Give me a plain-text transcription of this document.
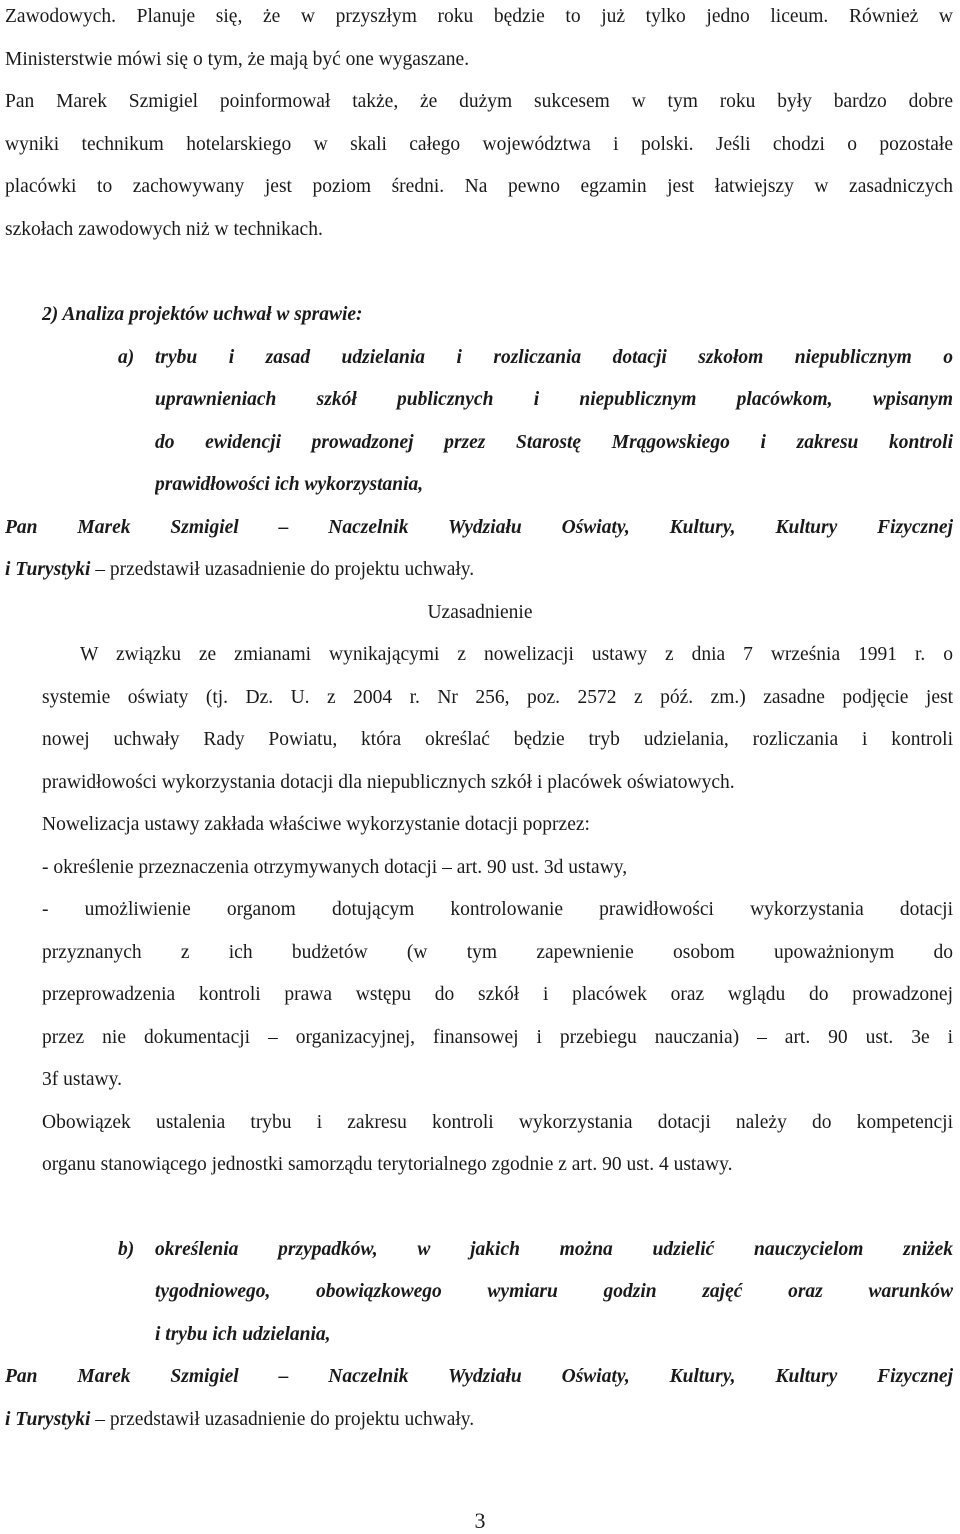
Zawodowych. Planuje się, że w przyszłym roku będzie to już tylko jedno liceum. Również w
Ministerstwie mówi się o tym, że mają być one wygaszane.
Pan Marek Szmigiel poinformował także, że dużym sukcesem w tym roku były bardzo dobre
wyniki technikum hotelarskiego w skali całego województwa i polski. Jeśli chodzi o pozostałe
placówki to zachowywany jest poziom średni. Na pewno egzamin jest łatwiejszy w zasadniczych
szkołach zawodowych niż w technikach.
2) Analiza projektów uchwał w sprawie:
a)	trybu i zasad udzielania i rozliczania dotacji szkołom niepublicznym o
uprawnieniach szkół publicznych i niepublicznym placówkom, wpisanym
do ewidencji prowadzonej przez Starostę Mrągowskiego i zakresu kontroli
prawidłowości ich wykorzystania,
Pan Marek Szmigiel – Naczelnik Wydziału Oświaty, Kultury, Kultury Fizycznej
i Turystyki – przedstawił uzasadnienie do projektu uchwały.
Uzasadnienie
W związku ze zmianami wynikającymi z nowelizacji ustawy z dnia 7 września 1991 r. o
systemie oświaty (tj. Dz. U. z 2004 r. Nr 256, poz. 2572 z póź. zm.) zasadne podjęcie jest
nowej uchwały Rady Powiatu, która określać będzie tryb udzielania, rozliczania i kontroli
prawidłowości wykorzystania dotacji dla niepublicznych szkół i placówek oświatowych.
Nowelizacja ustawy zakłada właściwe wykorzystanie dotacji poprzez:
- określenie przeznaczenia otrzymywanych dotacji – art. 90 ust. 3d ustawy,
- umożliwienie organom dotującym kontrolowanie prawidłowości wykorzystania dotacji
przyznanych z ich budżetów (w tym zapewnienie osobom upoważnionym do
przeprowadzenia kontroli prawa wstępu do szkół i placówek oraz wglądu do prowadzonej
przez nie dokumentacji – organizacyjnej, finansowej i przebiegu nauczania) – art. 90 ust. 3e i
3f ustawy.
Obowiązek ustalenia trybu i zakresu kontroli wykorzystania dotacji należy do kompetencji
organu stanowiącego jednostki samorządu terytorialnego zgodnie z art. 90 ust. 4 ustawy.
b)	określenia przypadków, w jakich można udzielić nauczycielom zniżek
tygodniowego, obowiązkowego wymiaru godzin zajęć oraz warunków
i trybu ich udzielania,
Pan Marek Szmigiel – Naczelnik Wydziału Oświaty, Kultury, Kultury Fizycznej
i Turystyki – przedstawił uzasadnienie do projektu uchwały.
3
